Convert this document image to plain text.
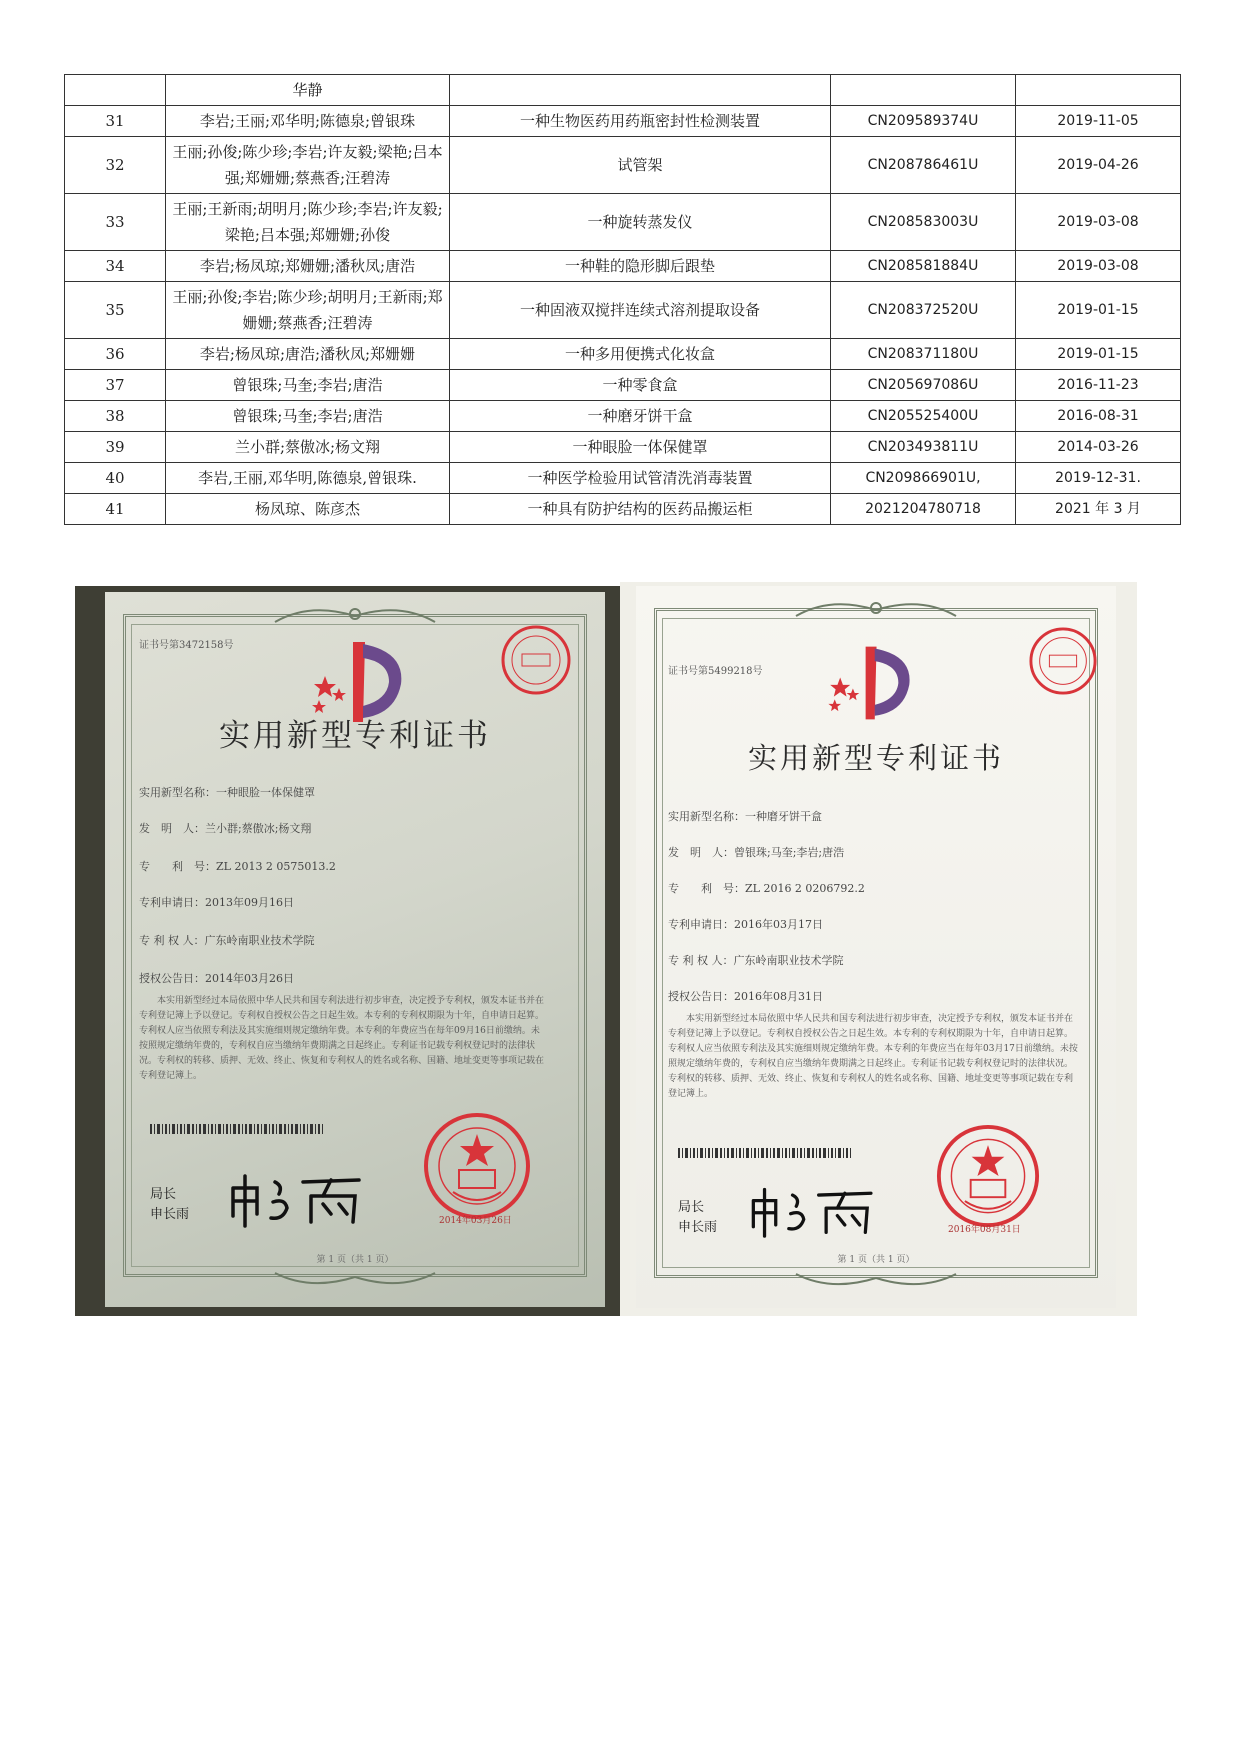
	华静			
31	李岩;王丽;邓华明;陈德泉;曾银珠	一种生物医药用药瓶密封性检测装置	CN209589374U	2019-11-05
32	王丽;孙俊;陈少珍;李岩;许友毅;梁艳;吕本强;郑姗姗;蔡燕香;汪碧涛	试管架	CN208786461U	2019-04-26
33	王丽;王新雨;胡明月;陈少珍;李岩;许友毅;梁艳;吕本强;郑姗姗;孙俊	一种旋转蒸发仪	CN208583003U	2019-03-08
34	李岩;杨凤琼;郑姗姗;潘秋凤;唐浩	一种鞋的隐形脚后跟垫	CN208581884U	2019-03-08
35	王丽;孙俊;李岩;陈少珍;胡明月;王新雨;郑姗姗;蔡燕香;汪碧涛	一种固液双搅拌连续式溶剂提取设备	CN208372520U	2019-01-15
36	李岩;杨凤琼;唐浩;潘秋凤;郑姗姗	一种多用便携式化妆盒	CN208371180U	2019-01-15
37	曾银珠;马奎;李岩;唐浩	一种零食盒	CN205697086U	2016-11-23
38	曾银珠;马奎;李岩;唐浩	一种磨牙饼干盒	CN205525400U	2016-08-31
39	兰小群;蔡傲冰;杨文翔	一种眼脸一体保健罩	CN203493811U	2014-03-26
40	李岩,王丽,邓华明,陈德泉,曾银珠.	一种医学检验用试管清洗消毒装置	CN209866901U,	2019-12-31.
41	杨凤琼、陈彦杰	一种具有防护结构的医药品搬运柜	2021204780718	2021 年 3 月
证书号第3472158号
实用新型专利证书
实用新型名称：一种眼脸一体保健罩
发　明　人：兰小群;蔡傲冰;杨文翔
专　　利　号：ZL 2013 2 0575013.2
专利申请日：2013年09月16日
专 利 权 人：广东岭南职业技术学院
授权公告日：2014年03月26日
本实用新型经过本局依照中华人民共和国专利法进行初步审查，决定授予专利权，颁发本证书并在专利登记簿上予以登记。专利权自授权公告之日起生效。本专利的专利权期限为十年，自申请日起算。专利权人应当依照专利法及其实施细则规定缴纳年费。本专利的年费应当在每年09月16日前缴纳。未按照规定缴纳年费的，专利权自应当缴纳年费期满之日起终止。专利证书记载专利权登记时的法律状况。专利权的转移、质押、无效、终止、恢复和专利权人的姓名或名称、国籍、地址变更等事项记载在专利登记簿上。
局长
申长雨	2014年03月26日
第 1 页（共 1 页）
证书号第5499218号
实用新型专利证书
实用新型名称：一种磨牙饼干盒
发　明　人：曾银珠;马奎;李岩;唐浩
专　　利　号：ZL 2016 2 0206792.2
专利申请日：2016年03月17日
专 利 权 人：广东岭南职业技术学院
授权公告日：2016年08月31日
本实用新型经过本局依照中华人民共和国专利法进行初步审查，决定授予专利权，颁发本证书并在专利登记簿上予以登记。专利权自授权公告之日起生效。本专利的专利权期限为十年，自申请日起算。专利权人应当依照专利法及其实施细则规定缴纳年费。本专利的年费应当在每年03月17日前缴纳。未按照规定缴纳年费的，专利权自应当缴纳年费期满之日起终止。专利证书记载专利权登记时的法律状况。专利权的转移、质押、无效、终止、恢复和专利权人的姓名或名称、国籍、地址变更等事项记载在专利登记簿上。
局长
申长雨	2016年08月31日
第 1 页（共 1 页）
